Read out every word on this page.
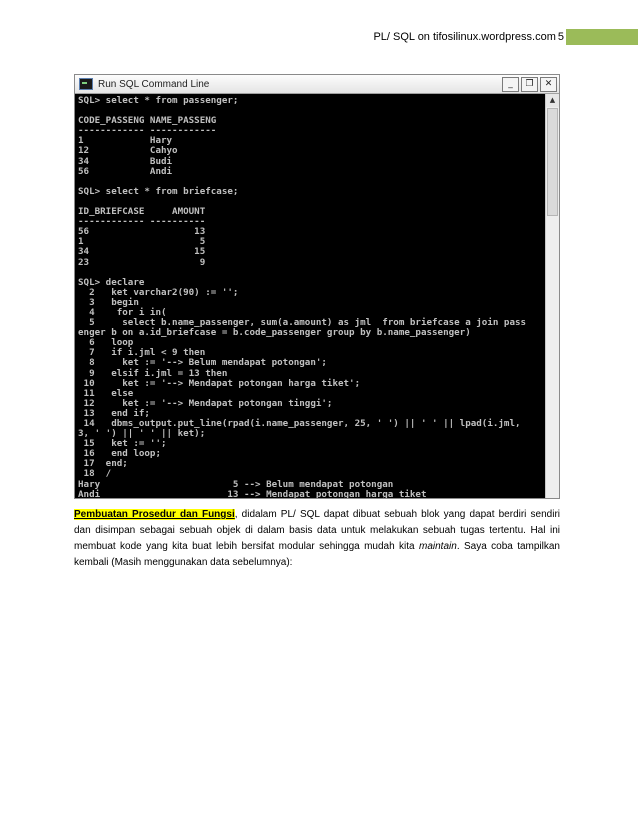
PL/ SQL on tifosilinux.wordpress.com 5
Run SQL Command Line	_	❐	✕
SQL> select * from passenger;

CODE_PASSENG NAME_PASSENG
------------ ------------
1            Hary
12           Cahyo
34           Budi
56           Andi

SQL> select * from briefcase;

ID_BRIEFCASE     AMOUNT
------------ ----------
56                   13
1                     5
34                   15
23                    9

SQL> declare
2   ket varchar2(90) := '';
3   begin
4    for i in(
5     select b.name_passenger, sum(a.amount) as jml  from briefcase a join pass
enger b on a.id_briefcase = b.code_passenger group by b.name_passenger)
6   loop
7   if i.jml < 9 then
8     ket := '--> Belum mendapat potongan';
9   elsif i.jml = 13 then
10     ket := '--> Mendapat potongan harga tiket';
11   else
12     ket := '--> Mendapat potongan tinggi';
13   end if;
14   dbms_output.put_line(rpad(i.name_passenger, 25, ' ') || ' ' || lpad(i.jml,
3, ' ') || ' ' || ket);
15   ket := '';
16   end loop;
17  end;
18  /
Hary                        5 --> Belum mendapat potongan
Andi                       13 --> Mendapat potongan harga tiket

▲

Pembuatan Prosedur dan Fungsi, didalam PL/ SQL dapat dibuat sebuah blok yang dapat berdiri sendiri dan disimpan sebagai sebuah objek di dalam basis data untuk melakukan sebuah tugas tertentu. Hal ini membuat kode yang kita buat lebih bersifat modular sehingga mudah kita maintain. Saya coba tampilkan kembali (Masih menggunakan data sebelumnya):
